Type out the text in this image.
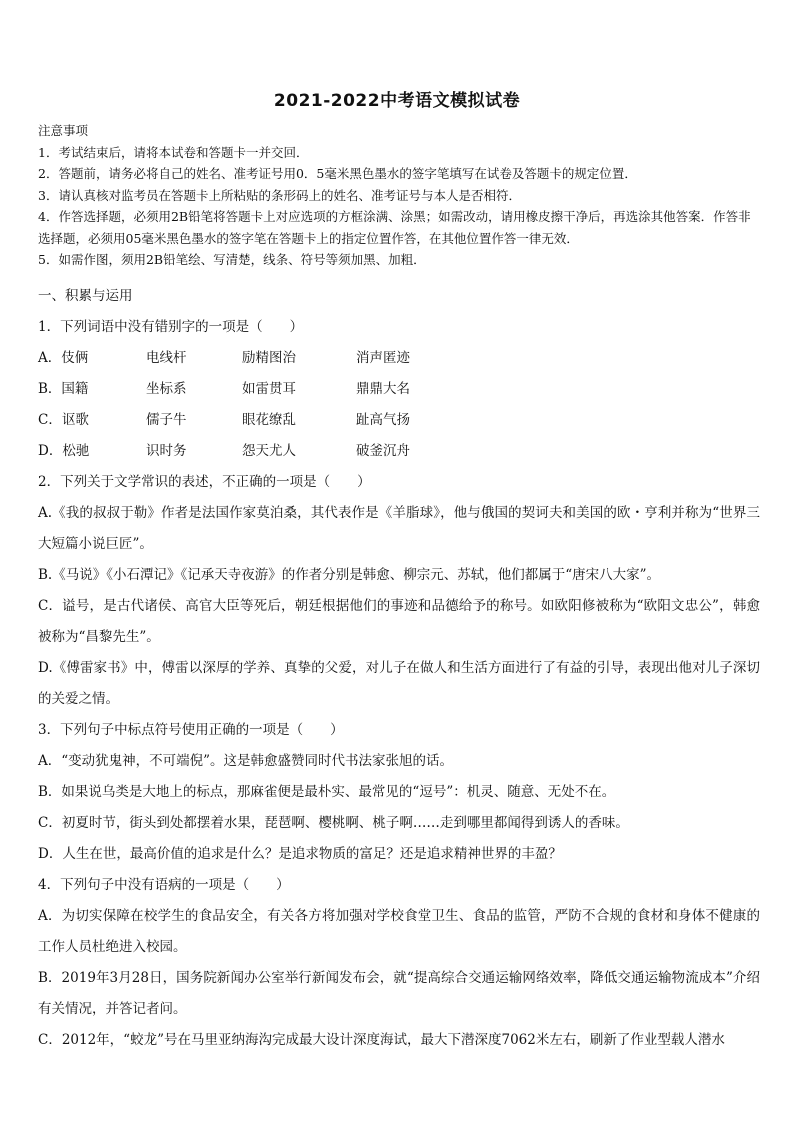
2021-2022中考语文模拟试卷
注意事项
1．考试结束后，请将本试卷和答题卡一并交回．
2．答题前，请务必将自己的姓名、准考证号用0．5毫米黑色墨水的签字笔填写在试卷及答题卡的规定位置．
3．请认真核对监考员在答题卡上所粘贴的条形码上的姓名、准考证号与本人是否相符．
4．作答选择题，必须用2B铅笔将答题卡上对应选项的方框涂满、涂黑；如需改动，请用橡皮擦干净后，再选涂其他答案．作答非选择题，必须用05毫米黑色墨水的签字笔在答题卡上的指定位置作答，在其他位置作答一律无效．
5．如需作图，须用2B铅笔绘、写清楚，线条、符号等须加黑、加粗．
一、积累与运用
1．下列词语中没有错别字的一项是（　　）
A．伎俩	电线杆	励精图治	消声匿迹
B．国籍	坐标系	如雷贯耳	鼎鼎大名
C．讴歌	儒子牛	眼花缭乱	趾高气扬
D．松驰	识时务	怨天尤人	破釜沉舟
2．下列关于文学常识的表述，不正确的一项是（　　）
A.《我的叔叔于勒》作者是法国作家莫泊桑，其代表作是《羊脂球》，他与俄国的契诃夫和美国的欧・亨利并称为“世界三大短篇小说巨匠”。
B.《马说》《小石潭记》《记承天寺夜游》的作者分别是韩愈、柳宗元、苏轼，他们都属于“唐宋八大家”。
C．谥号，是古代诸侯、高官大臣等死后，朝廷根据他们的事迹和品德给予的称号。如欧阳修被称为“欧阳文忠公”，韩愈被称为“昌黎先生”。
D.《傅雷家书》中，傅雷以深厚的学养、真挚的父爱，对儿子在做人和生活方面进行了有益的引导，表现出他对儿子深切的关爱之情。
3．下列句子中标点符号使用正确的一项是（　　）
A．“变动犹鬼神，不可端倪”。这是韩愈盛赞同时代书法家张旭的话。
B．如果说乌类是大地上的标点，那麻雀便是最朴实、最常见的“逗号”：机灵、随意、无处不在。
C．初夏时节，街头到处都摆着水果，琵琶啊、樱桃啊、桃子啊……走到哪里都闻得到诱人的香味。
D．人生在世，最高价值的追求是什么？是追求物质的富足？还是追求精神世界的丰盈？
4．下列句子中没有语病的一项是（　　）
A．为切实保障在校学生的食品安全，有关各方将加强对学校食堂卫生、食品的监管，严防不合规的食材和身体不健康的工作人员杜绝进入校园。
B．2019年3月28日，国务院新闻办公室举行新闻发布会，就“提高综合交通运输网络效率，降低交通运输物流成本”介绍有关情况，并答记者问。
C．2012年，“蛟龙”号在马里亚纳海沟完成最大设计深度海试，最大下潜深度7062米左右，刷新了作业型载人潜水
